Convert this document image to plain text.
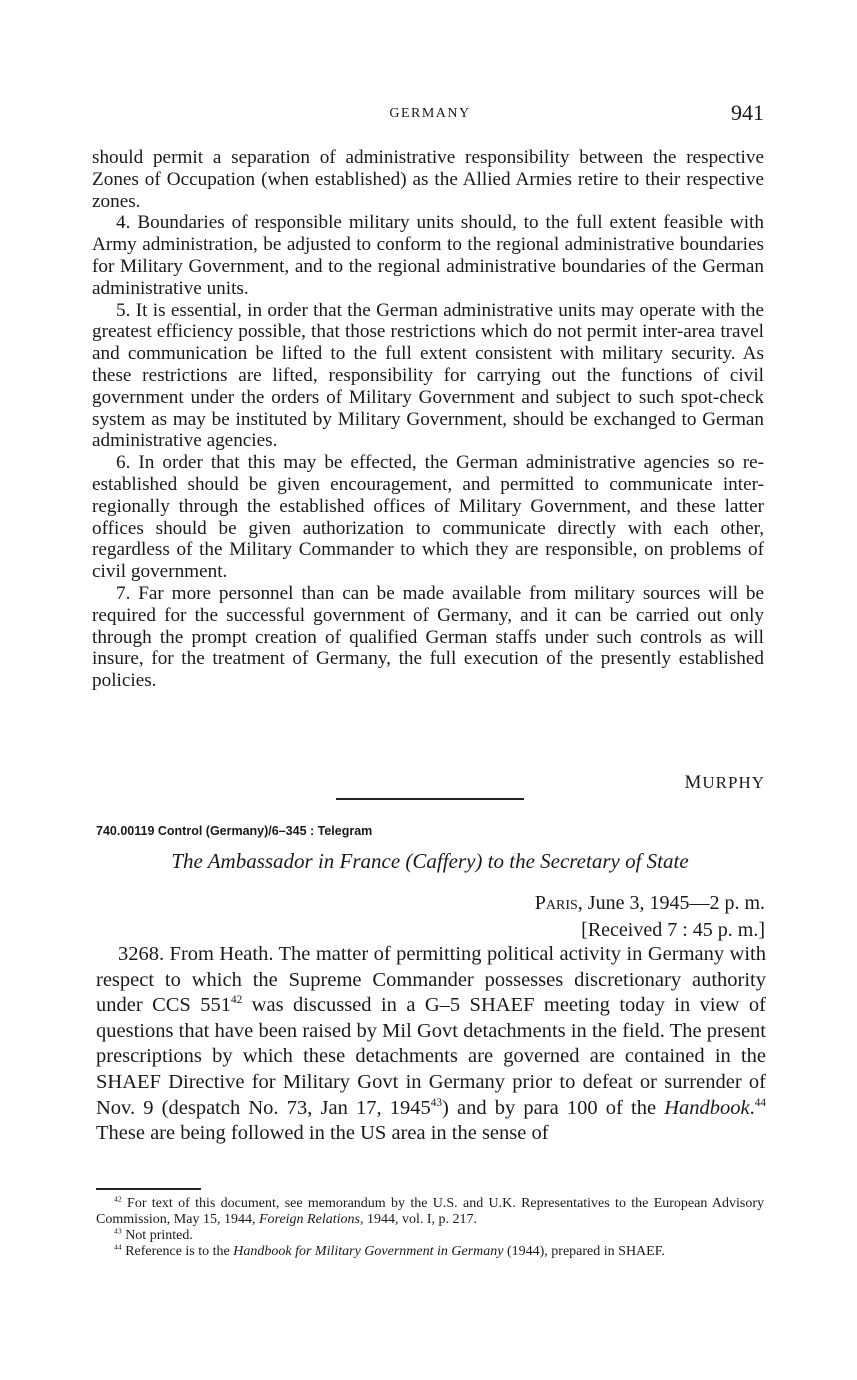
GERMANY	941

should permit a separation of administrative responsibility between the respective Zones of Occupation (when established) as the Allied Armies retire to their respective zones.

4. Boundaries of responsible military units should, to the full extent feasible with Army administration, be adjusted to conform to the regional administrative boundaries for Military Government, and to the regional administrative boundaries of the German administrative units.

5. It is essential, in order that the German administrative units may operate with the greatest efficiency possible, that those restrictions which do not permit inter-area travel and communication be lifted to the full extent consistent with military security. As these restrictions are lifted, responsibility for carrying out the functions of civil government under the orders of Military Government and subject to such spot-check system as may be instituted by Military Government, should be exchanged to German administrative agencies.

6. In order that this may be effected, the German administrative agencies so re-established should be given encouragement, and permitted to communicate inter-regionally through the established offices of Military Government, and these latter offices should be given authorization to communicate directly with each other, regardless of the Military Commander to which they are responsible, on problems of civil government.

7. Far more personnel than can be made available from military sources will be required for the successful government of Germany, and it can be carried out only through the prompt creation of qualified German staffs under such controls as will insure, for the treatment of Germany, the full execution of the presently established policies.

MURPHY
740.00119 Control (Germany)/6–345 : Telegram
The Ambassador in France (Caffery) to the Secretary of State
Paris, June 3, 1945—2 p. m.
[Received 7 : 45 p. m.]

3268. From Heath. The matter of permitting political activity in Germany with respect to which the Supreme Commander possesses discretionary authority under CCS $551^{42}$ was discussed in a G–5 SHAEF meeting today in view of questions that have been raised by Mil Govt detachments in the field. The present prescriptions by which these detachments are governed are contained in the SHAEF Directive for Military Govt in Germany prior to defeat or surrender of Nov. 9 (despatch No. 73, Jan 17, 1945$^{43}$) and by para 100 of the Handbook.$^{44}$ These are being followed in the US area in the sense of

$^{42}$ For text of this document, see memorandum by the U.S. and U.K. Representatives to the European Advisory Commission, May 15, 1944, Foreign Relations, 1944, vol. I, p. 217.

$^{43}$ Not printed.

$^{44}$ Reference is to the Handbook for Military Government in Germany (1944), prepared in SHAEF.
